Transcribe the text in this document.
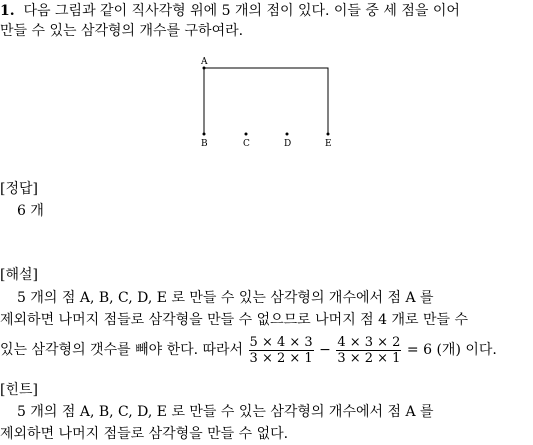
1. 다음 그림과 같이 직사각형 위에 5 개의 점이 있다. 이들 중 세 점을 이어
만들 수 있는 삼각형의 개수를 구하여라.
A
B	C	D	E
[정답]
6 개
[해설]
5 개의 점 A, B, C, D, E 로 만들 수 있는 삼각형의 개수에서 점 A 를
제외하면 나머지 점들로 삼각형을 만들 수 없으므로 나머지 점 4 개로 만들 수
있는 삼각형의 갯수를 빼야 한다. 따라서 $\frac{5 \times 4 \times 3}{3 \times 2 \times 1} - \frac{4 \times 3 \times 2}{3 \times 2 \times 1} = 6$ (개) 이다.
[힌트]
5 개의 점 A, B, C, D, E 로 만들 수 있는 삼각형의 개수에서 점 A 를
제외하면 나머지 점들로 삼각형을 만들 수 없다.
